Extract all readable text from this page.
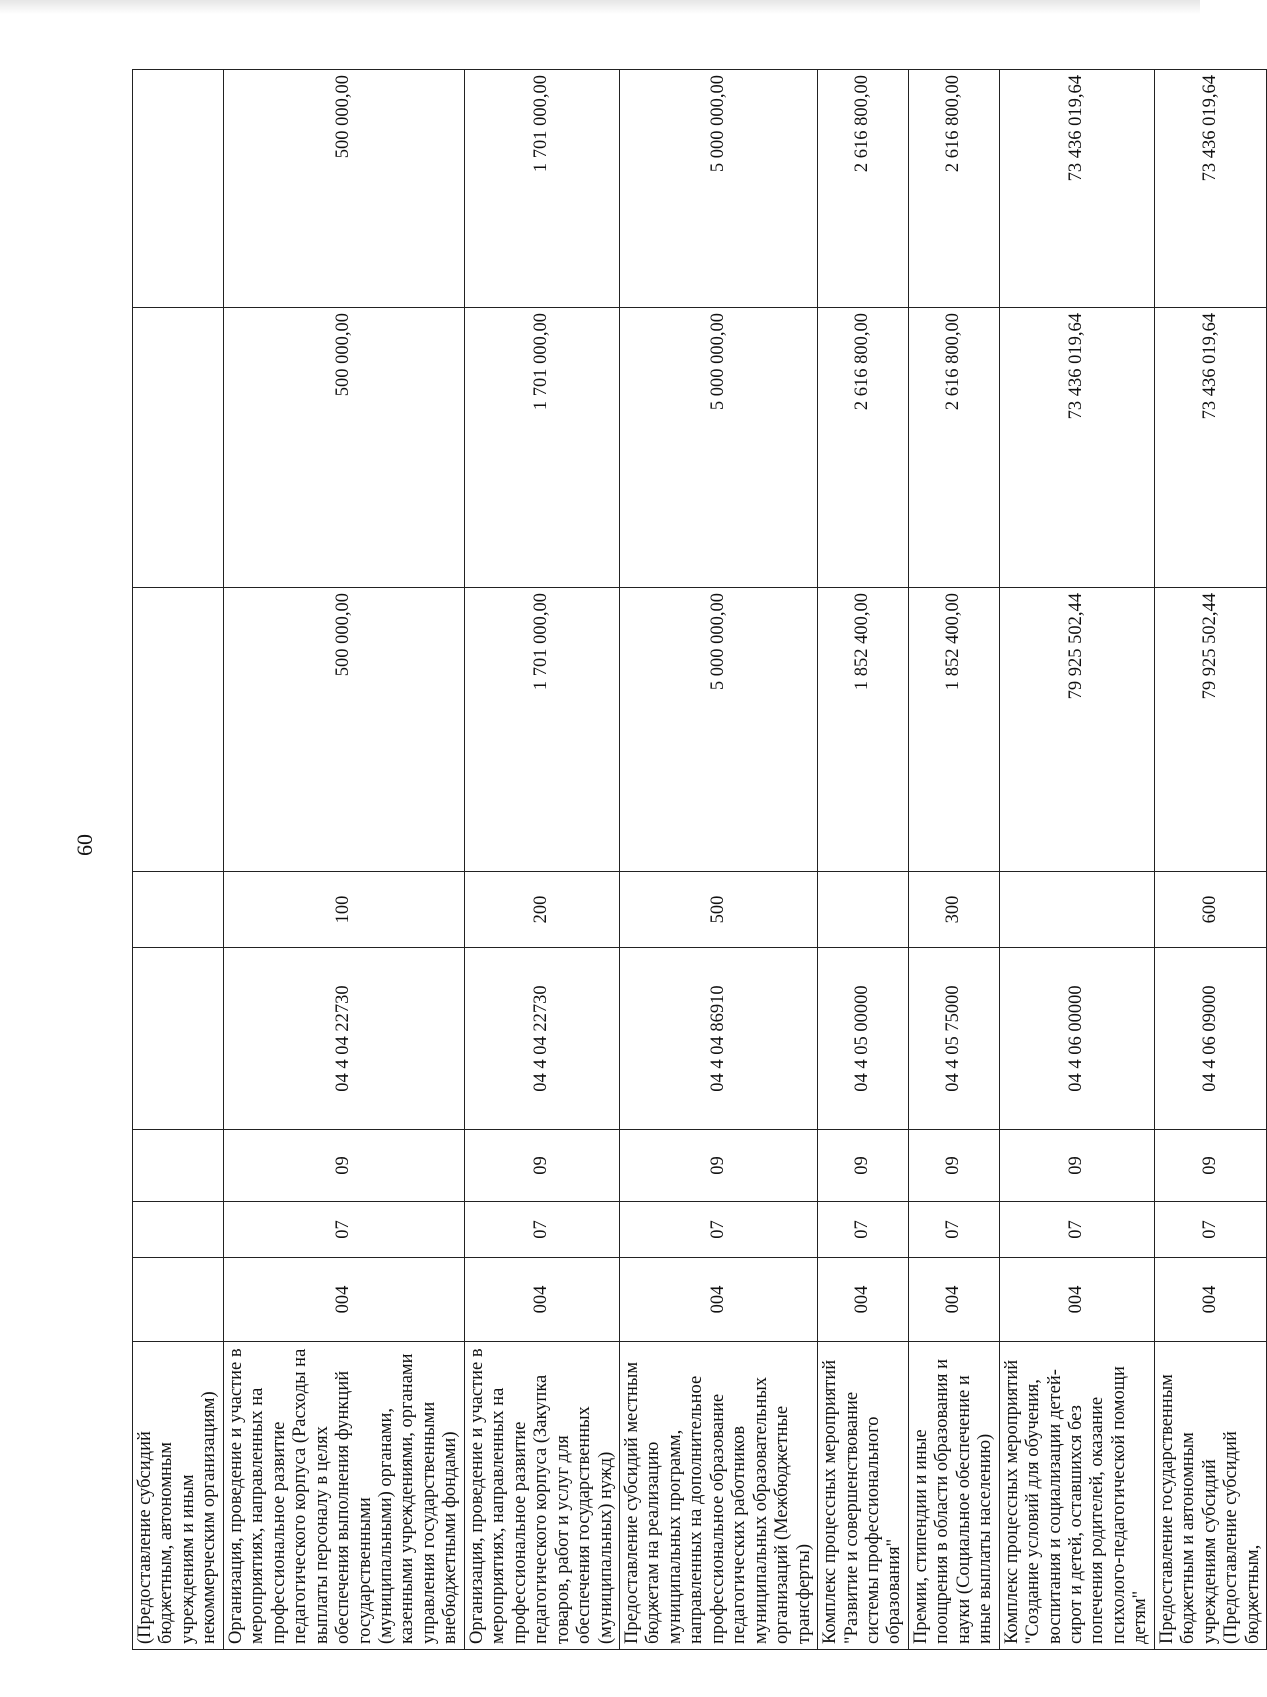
60
(Предоставление субсидий бюджетным, автономным учреждениям и иным некоммерческим организациям)								
Организация, проведение и участие в мероприятиях, направленных на профессиональное развитие педагогического корпуса (Расходы на выплаты персоналу в целях обеспечения выполнения функций государственными (муниципальными) органами, казенными учреждениями, органами управления государственными внебюджетными фондами)	004	07	09	04 4 04 22730	100	500 000,00	500 000,00	500 000,00
Организация, проведение и участие в мероприятиях, направленных на профессиональное развитие педагогического корпуса (Закупка товаров, работ и услуг для обеспечения государственных (муниципальных) нужд)	004	07	09	04 4 04 22730	200	1 701 000,00	1 701 000,00	1 701 000,00
Предоставление субсидий местным бюджетам на реализацию муниципальных программ, направленных на дополнительное профессиональное образование педагогических работников муниципальных образовательных организаций (Межбюджетные трансферты)	004	07	09	04 4 04 86910	500	5 000 000,00	5 000 000,00	5 000 000,00
Комплекс процессных мероприятий "Развитие и совершенствование системы профессионального образования"	004	07	09	04 4 05 00000		1 852 400,00	2 616 800,00	2 616 800,00
Премии, стипендии и иные поощрения в области образования и науки (Социальное обеспечение и иные выплаты населению)	004	07	09	04 4 05 75000	300	1 852 400,00	2 616 800,00	2 616 800,00
Комплекс процессных мероприятий "Создание условий для обучения, воспитания и социализации детей-сирот и детей, оставшихся без попечения родителей, оказание психолого-педагогической помощи детям"	004	07	09	04 4 06 00000		79 925 502,44	73 436 019,64	73 436 019,64
Предоставление государственным бюджетным и автономным учреждениям субсидий (Предоставление субсидий бюджетным,	004	07	09	04 4 06 09000	600	79 925 502,44	73 436 019,64	73 436 019,64
